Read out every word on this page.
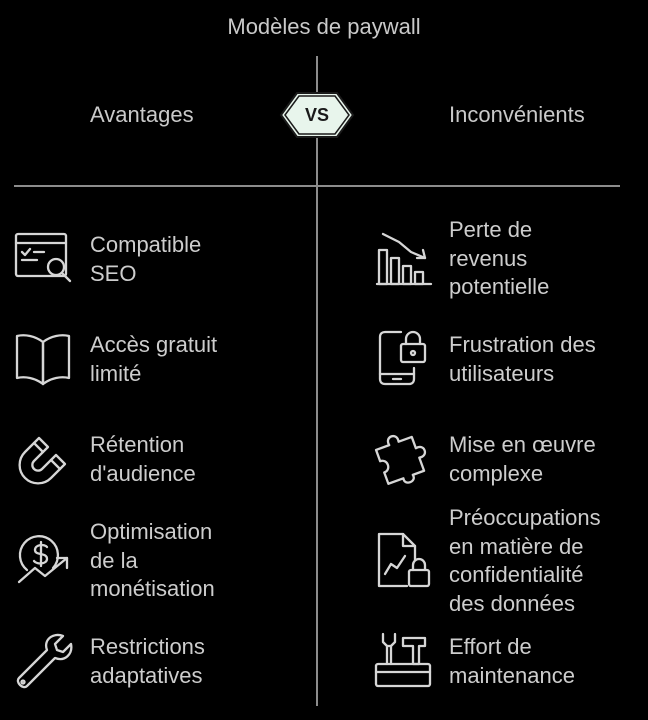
Modèles de paywall
VS
Avantages	Inconvénients
Compatible
SEO
Accès gratuit
limité
Rétention
d'audience
Optimisation
de la
monétisation
Restrictions
adaptatives
Perte de
revenus
potentielle
Frustration des
utilisateurs
Mise en œuvre
complexe
Préoccupations
en matière de
confidentialité
des données
Effort de
maintenance
